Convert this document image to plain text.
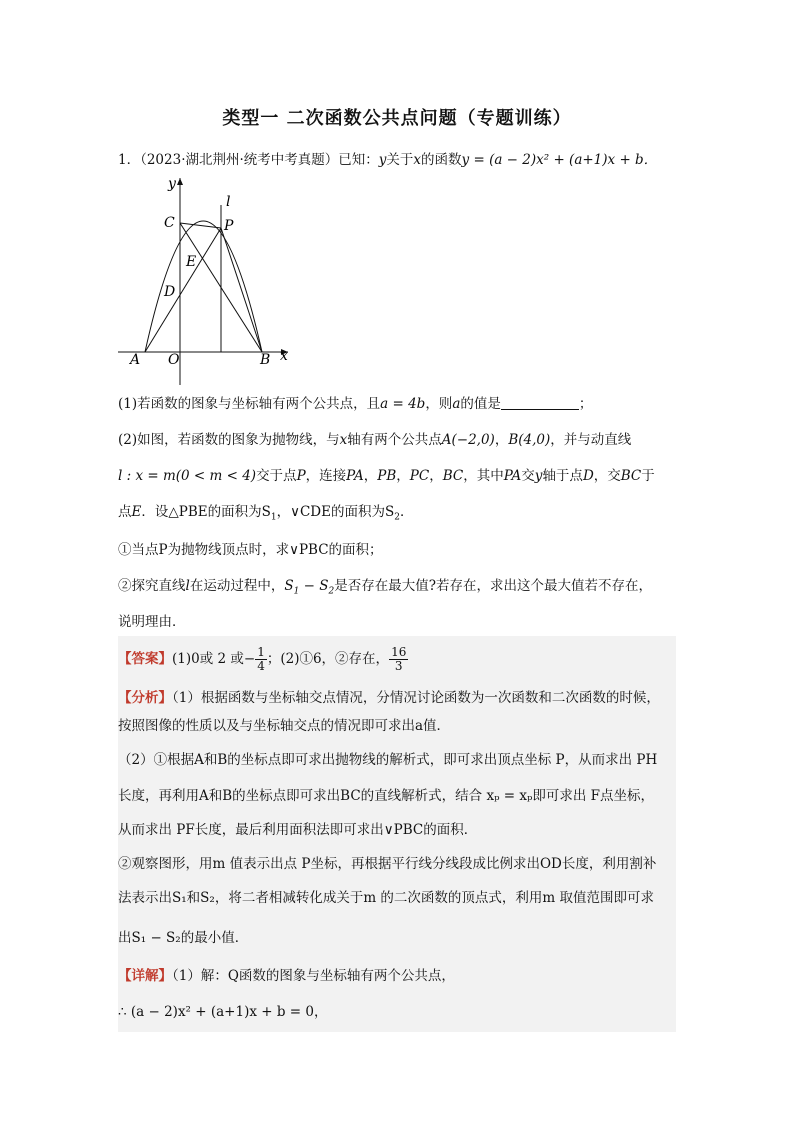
类型一 二次函数公共点问题（专题训练）
1．（2023·湖北荆州·统考中考真题）已知：y关于x的函数y = (a − 2)x² + (a+1)x + b．
y
l
C	P
E
D
A O	B x
(1)若函数的图象与坐标轴有两个公共点，且a = 4b，则a的值是	；
(2)如图，若函数的图象为抛物线，与x轴有两个公共点A(−2,0)，B(4,0)，并与动直线
l : x = m(0 < m < 4)交于点P，连接PA，PB，PC，BC，其中PA交y轴于点D，交BC于
点E．设△PBE的面积为$S_1$，∨CDE的面积为$S_2$．
①当点P为抛物线顶点时，求∨PBC的面积；
②探究直线l在运动过程中，$S_1 - S_2$是否存在最大值?若存在，求出这个最大值若不存在，
说明理由．
【答案】(1)0或 2 或− $\frac{1}{4}$ ；(2)①6，②存在， $\frac{16}{3}$
【分析】（1）根据函数与坐标轴交点情况，分情况讨论函数为一次函数和二次函数的时候，
按照图像的性质以及与坐标轴交点的情况即可求出a值．
（2）①根据A和B的坐标点即可求出抛物线的解析式，即可求出顶点坐标 P，从而求出 PH
长度，再利用A和B的坐标点即可求出BC的直线解析式，结合 xₚ = xₚ即可求出 F点坐标，
从而求出 PF长度，最后利用面积法即可求出∨PBC的面积．
②观察图形，用m 值表示出点 P坐标，再根据平行线分线段成比例求出OD长度，利用割补
法表示出S₁和S₂，将二者相减转化成关于m 的二次函数的顶点式，利用m 取值范围即可求
出S₁ − S₂的最小值．
【详解】（1）解：Q函数的图象与坐标轴有两个公共点，
∴ (a − 2)x² + (a+1)x + b = 0，
